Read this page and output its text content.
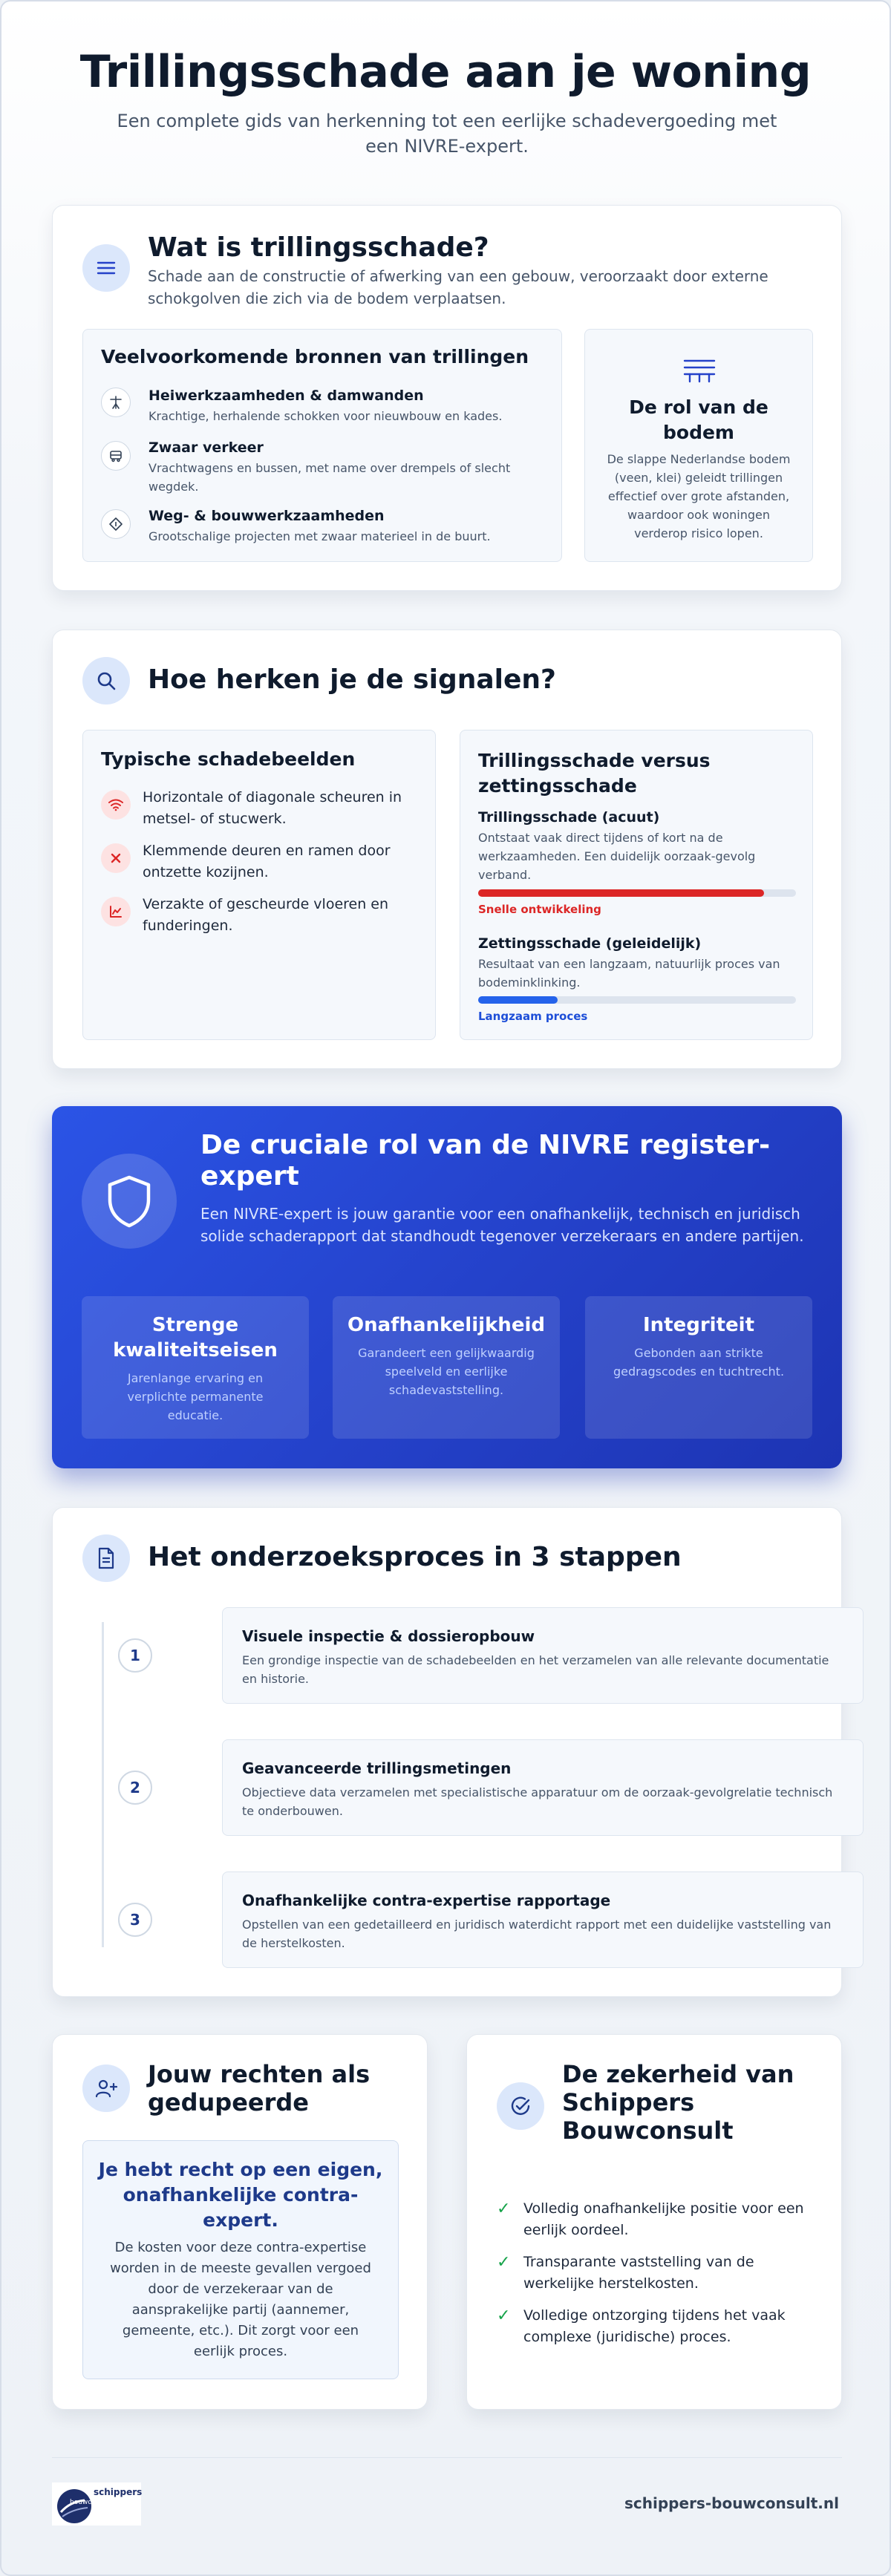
Trillingsschade aan je woning

Een complete gids van herkenning tot een eerlijke schadevergoeding met een NIVRE-expert.

Wat is trillingsschade?

Schade aan de constructie of afwerking van een gebouw, veroorzaakt door externe schokgolven die zich via de bodem verplaatsen.

Veelvoorkomende bronnen van trillingen
Heiwerkzaamheden & damwanden
Krachtige, herhalende schokken voor nieuwbouw en kades.
Zwaar verkeer
Vrachtwagens en bussen, met name over drempels of slecht wegdek.
Weg- & bouwwerkzaamheden
Grootschalige projecten met zwaar materieel in de buurt.
De rol van de bodem

De slappe Nederlandse bodem (veen, klei) geleidt trillingen effectief over grote afstanden, waardoor ook woningen verderop risico lopen.

Hoe herken je de signalen?
Typische schadebeelden
Horizontale of diagonale scheuren in metsel- of stucwerk.
Klemmende deuren en ramen door ontzette kozijnen.
Verzakte of gescheurde vloeren en funderingen.
Trillingsschade versus zettingsschade
Trillingsschade (acuut)
Ontstaat vaak direct tijdens of kort na de werkzaamheden. Een duidelijk oorzaak-gevolg verband.
Snelle ontwikkeling
Zettingsschade (geleidelijk)
Resultaat van een langzaam, natuurlijk proces van bodeminklinking.
Langzaam proces
De cruciale rol van de NIVRE register-expert

Een NIVRE-expert is jouw garantie voor een onafhankelijk, technisch en juridisch solide schaderapport dat standhoudt tegenover verzekeraars en andere partijen.

Strenge kwaliteitseisen
Jarenlange ervaring en verplichte permanente educatie.
Onafhankelijkheid
Garandeert een gelijkwaardig speelveld en eerlijke schadevaststelling.
Integriteit
Gebonden aan strikte gedragscodes en tuchtrecht.
Het onderzoeksproces in 3 stappen
1
Visuele inspectie & dossieropbouw
Een grondige inspectie van de schadebeelden en het verzamelen van alle relevante documentatie en historie.
2
Geavanceerde trillingsmetingen
Objectieve data verzamelen met specialistische apparatuur om de oorzaak-gevolgrelatie technisch te onderbouwen.
3
Onafhankelijke contra-expertise rapportage
Opstellen van een gedetailleerd en juridisch waterdicht rapport met een duidelijke vaststelling van de herstelkosten.
Jouw rechten als gedupeerde
Je hebt recht op een eigen, onafhankelijke contra-expert.
De kosten voor deze contra-expertise worden in de meeste gevallen vergoed door de verzekeraar van de aansprakelijke partij (aannemer, gemeente, etc.). Dit zorgt voor een eerlijk proces.
De zekerheid van Schippers Bouwconsult
✓ Volledig onafhankelijke positie voor een eerlijk oordeel.
✓ Transparante vaststelling van de werkelijke herstelkosten.
✓ Volledige ontzorging tijdens het vaak complexe (juridische) proces.
schippers
bouwconsult	schippers-bouwconsult.nl
